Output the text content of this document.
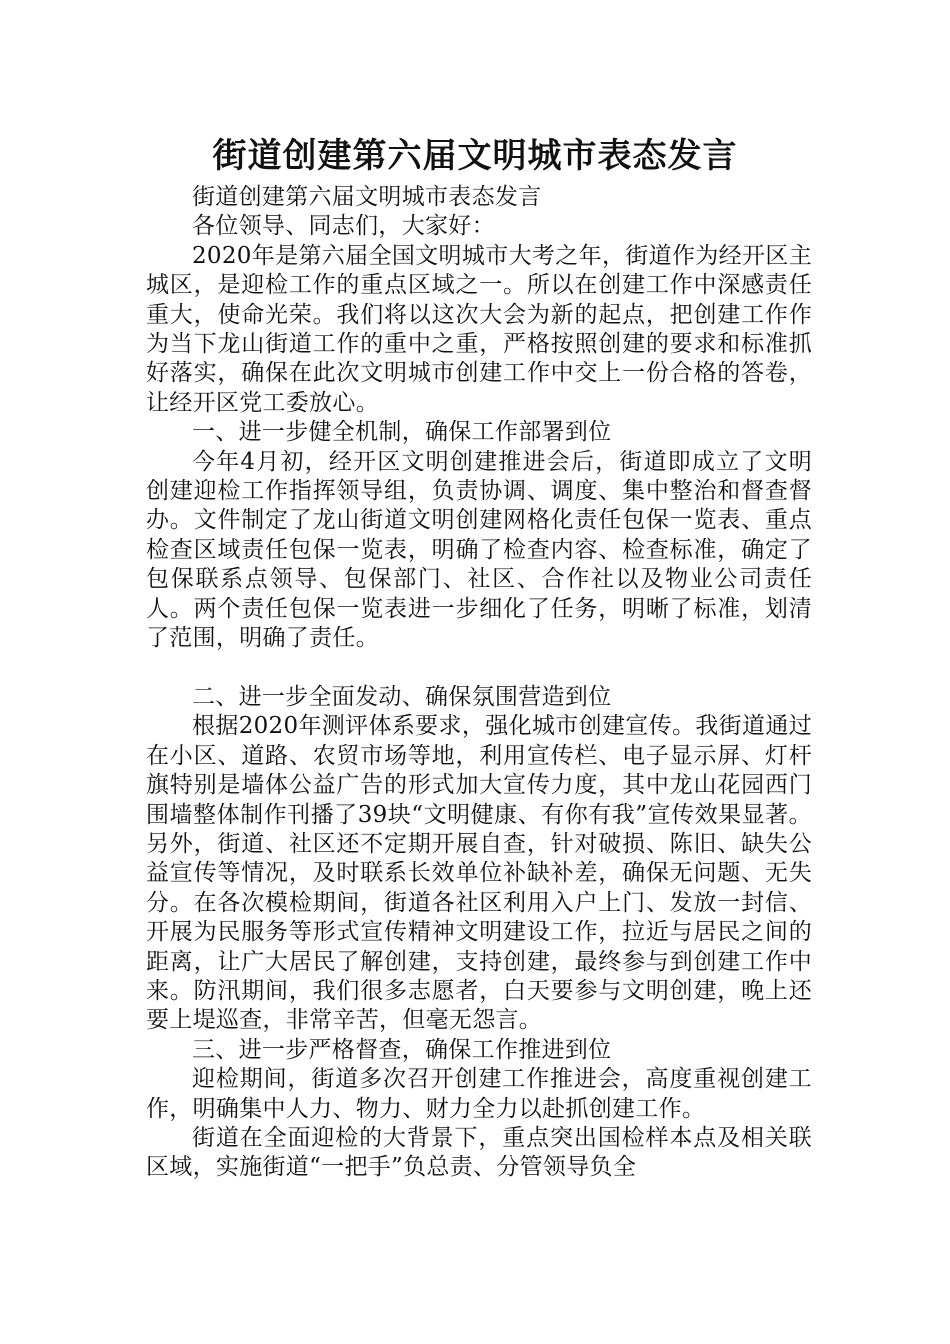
街道创建第六届文明城市表态发言

街道创建第六届文明城市表态发言

各位领导、同志们，大家好：

2020年是第六届全国文明城市大考之年，街道作为经开区主城区，是迎检工作的重点区域之一。所以在创建工作中深感责任重大，使命光荣。我们将以这次大会为新的起点，把创建工作作为当下龙山街道工作的重中之重，严格按照创建的要求和标准抓好落实，确保在此次文明城市创建工作中交上一份合格的答卷，让经开区党工委放心。

一、进一步健全机制，确保工作部署到位

今年4月初，经开区文明创建推进会后，街道即成立了文明创建迎检工作指挥领导组，负责协调、调度、集中整治和督查督办。文件制定了龙山街道文明创建网格化责任包保一览表、重点检查区域责任包保一览表，明确了检查内容、检查标准，确定了包保联系点领导、包保部门、社区、合作社以及物业公司责任人。两个责任包保一览表进一步细化了任务，明晰了标准，划清了范围，明确了责任。

二、进一步全面发动、确保氛围营造到位

根据2020年测评体系要求，强化城市创建宣传。我街道通过在小区、道路、农贸市场等地，利用宣传栏、电子显示屏、灯杆旗特别是墙体公益广告的形式加大宣传力度，其中龙山花园西门围墙整体制作刊播了39块“文明健康、有你有我”宣传效果显著。另外，街道、社区还不定期开展自查，针对破损、陈旧、缺失公益宣传等情况，及时联系长效单位补缺补差，确保无问题、无失分。在各次模检期间，街道各社区利用入户上门、发放一封信、开展为民服务等形式宣传精神文明建设工作，拉近与居民之间的距离，让广大居民了解创建，支持创建，最终参与到创建工作中来。防汛期间，我们很多志愿者，白天要参与文明创建，晚上还要上堤巡查，非常辛苦，但毫无怨言。

三、进一步严格督查，确保工作推进到位

迎检期间，街道多次召开创建工作推进会，高度重视创建工作，明确集中人力、物力、财力全力以赴抓创建工作。

街道在全面迎检的大背景下，重点突出国检样本点及相关联区域，实施街道“一把手”负总责、分管领导负全
